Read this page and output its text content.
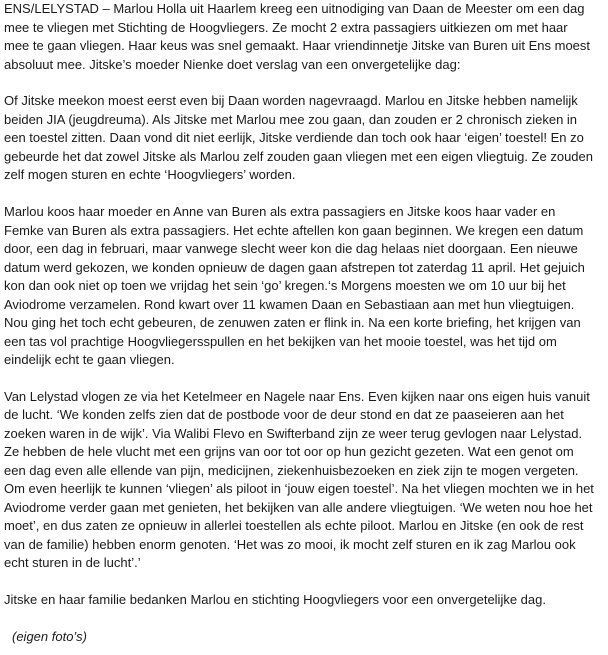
ENS/LELYSTAD – Marlou Holla uit Haarlem kreeg een uitnodiging van Daan de Meester om een dag
mee te vliegen met Stichting de Hoogvliegers. Ze mocht 2 extra passagiers uitkiezen om met haar
mee te gaan vliegen. Haar keus was snel gemaakt. Haar vriendinnetje Jitske van Buren uit Ens moest
absoluut mee. Jitske’s moeder Nienke doet verslag van een onvergetelijke dag:

Of Jitske meekon moest eerst even bij Daan worden nagevraagd. Marlou en Jitske hebben namelijk
beiden JIA (jeugdreuma). Als Jitske met Marlou mee zou gaan, dan zouden er 2 chronisch zieken in
een toestel zitten. Daan vond dit niet eerlijk, Jitske verdiende dan toch ook haar ‘eigen’ toestel! En zo
gebeurde het dat zowel Jitske als Marlou zelf zouden gaan vliegen met een eigen vliegtuig. Ze zouden
zelf mogen sturen en echte ‘Hoogvliegers’ worden.

Marlou koos haar moeder en Anne van Buren als extra passagiers en Jitske koos haar vader en
Femke van Buren als extra passagiers. Het echte aftellen kon gaan beginnen. We kregen een datum
door, een dag in februari, maar vanwege slecht weer kon die dag helaas niet doorgaan. Een nieuwe
datum werd gekozen, we konden opnieuw de dagen gaan afstrepen tot zaterdag 11 april. Het gejuich
kon dan ook niet op toen we vrijdag het sein ‘go’ kregen.‘s Morgens moesten we om 10 uur bij het
Aviodrome verzamelen. Rond kwart over 11 kwamen Daan en Sebastiaan aan met hun vliegtuigen.
Nou ging het toch echt gebeuren, de zenuwen zaten er flink in. Na een korte briefing, het krijgen van
een tas vol prachtige Hoogvliegersspullen en het bekijken van het mooie toestel, was het tijd om
eindelijk echt te gaan vliegen.

Van Lelystad vlogen ze via het Ketelmeer en Nagele naar Ens. Even kijken naar ons eigen huis vanuit
de lucht. ‘We konden zelfs zien dat de postbode voor de deur stond en dat ze paaseieren aan het
zoeken waren in de wijk’. Via Walibi Flevo en Swifterband zijn ze weer terug gevlogen naar Lelystad.
Ze hebben de hele vlucht met een grijns van oor tot oor op hun gezicht gezeten. Wat een genot om
een dag even alle ellende van pijn, medicijnen, ziekenhuisbezoeken en ziek zijn te mogen vergeten.
Om even heerlijk te kunnen ‘vliegen’ als piloot in ‘jouw eigen toestel’. Na het vliegen mochten we in het
Aviodrome verder gaan met genieten, het bekijken van alle andere vliegtuigen. ‘We weten nou hoe het
moet’, en dus zaten ze opnieuw in allerlei toestellen als echte piloot. Marlou en Jitske (en ook de rest
van de familie) hebben enorm genoten. ‘Het was zo mooi, ik mocht zelf sturen en ik zag Marlou ook
echt sturen in de lucht’.’

Jitske en haar familie bedanken Marlou en stichting Hoogvliegers voor een onvergetelijke dag.

(eigen foto’s)
